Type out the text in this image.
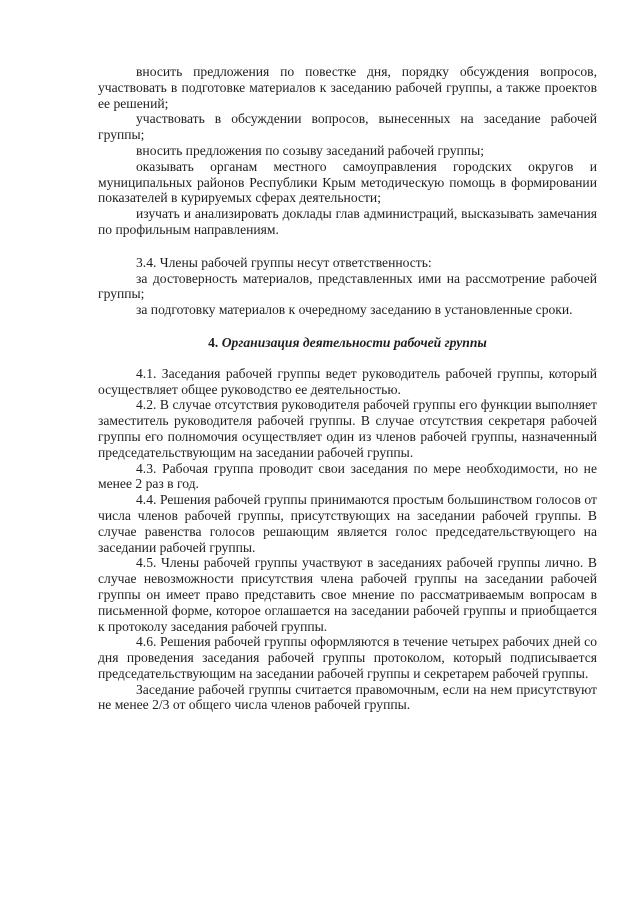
вносить предложения по повестке дня, порядку обсуждения вопросов, участвовать в подготовке материалов к заседанию рабочей группы, а также проектов ее решений;

участвовать в обсуждении вопросов, вынесенных на заседание рабочей группы;

вносить предложения по созыву заседаний рабочей группы;

оказывать органам местного самоуправления городских округов и муниципальных районов Республики Крым методическую помощь в формировании показателей в курируемых сферах деятельности;

изучать и анализировать доклады глав администраций, высказывать замечания по профильным направлениям.

3.4. Члены рабочей группы несут ответственность:

за достоверность материалов, представленных ими на рассмотрение рабочей группы;

за подготовку материалов к очередному заседанию в установленные сроки.

4. Организация деятельности рабочей группы

4.1. Заседания рабочей группы ведет руководитель рабочей группы, который осуществляет общее руководство ее деятельностью.

4.2. В случае отсутствия руководителя рабочей группы его функции выполняет заместитель руководителя рабочей группы. В случае отсутствия секретаря рабочей группы его полномочия осуществляет один из членов рабочей группы, назначенный председательствующим на заседании рабочей группы.

4.3. Рабочая группа проводит свои заседания по мере необходимости, но не менее 2 раз в год.

4.4. Решения рабочей группы принимаются простым большинством голосов от числа членов рабочей группы, присутствующих на заседании рабочей группы. В случае равенства голосов решающим является голос председательствующего на заседании рабочей группы.

4.5. Члены рабочей группы участвуют в заседаниях рабочей группы лично. В случае невозможности присутствия члена рабочей группы на заседании рабочей группы он имеет право представить свое мнение по рассматриваемым вопросам в письменной форме, которое оглашается на заседании рабочей группы и приобщается к протоколу заседания рабочей группы.

4.6. Решения рабочей группы оформляются в течение четырех рабочих дней со дня проведения заседания рабочей группы протоколом, который подписывается председательствующим на заседании рабочей группы и секретарем рабочей группы.

Заседание рабочей группы считается правомочным, если на нем присутствуют не менее 2/3 от общего числа членов рабочей группы.
